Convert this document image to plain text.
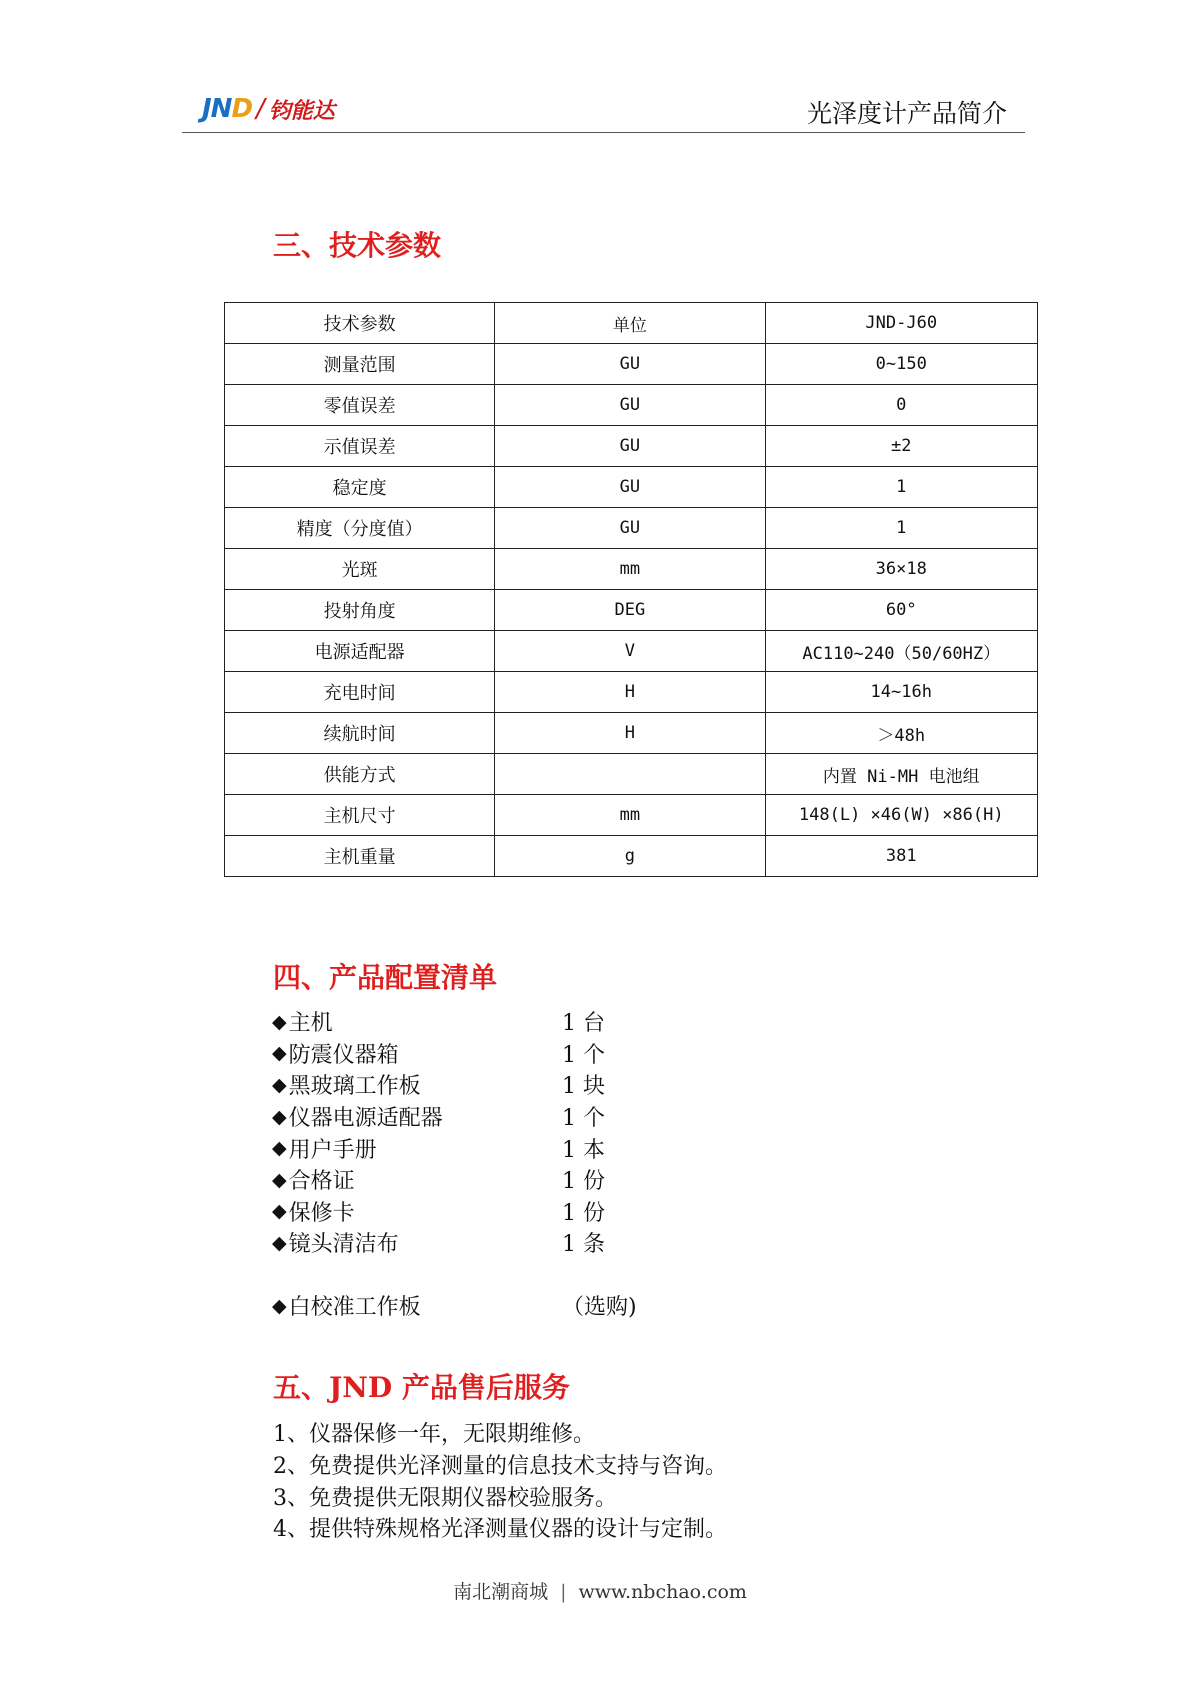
JND / 钧能达	光泽度计产品简介
三、技术参数
技术参数	单位	JND-J60
测量范围	GU	0~150
零值误差	GU	0
示值误差	GU	±2
稳定度	GU	1
精度（分度值）	GU	1
光斑	mm	36×18
投射角度	DEG	60°
电源适配器	V	AC110~240（50/60HZ）
充电时间	H	14~16h
续航时间	H	＞48h
供能方式		内置 Ni-MH 电池组
主机尺寸	mm	148(L) ×46(W) ×86(H)
主机重量	g	381
四、产品配置清单
◆ 主机	1 台
◆ 防震仪器箱	1 个
◆ 黑玻璃工作板	1 块
◆ 仪器电源适配器	1 个
◆ 用户手册	1 本
◆ 合格证	1 份
◆ 保修卡	1 份
◆ 镜头清洁布	1 条
◆ 白校准工作板	（选购)
五、JND 产品售后服务
1、仪器保修一年，无限期维修。
2、免费提供光泽测量的信息技术支持与咨询。
3、免费提供无限期仪器校验服务。
4、提供特殊规格光泽测量仪器的设计与定制。
南北潮商城 | www.nbchao.com
